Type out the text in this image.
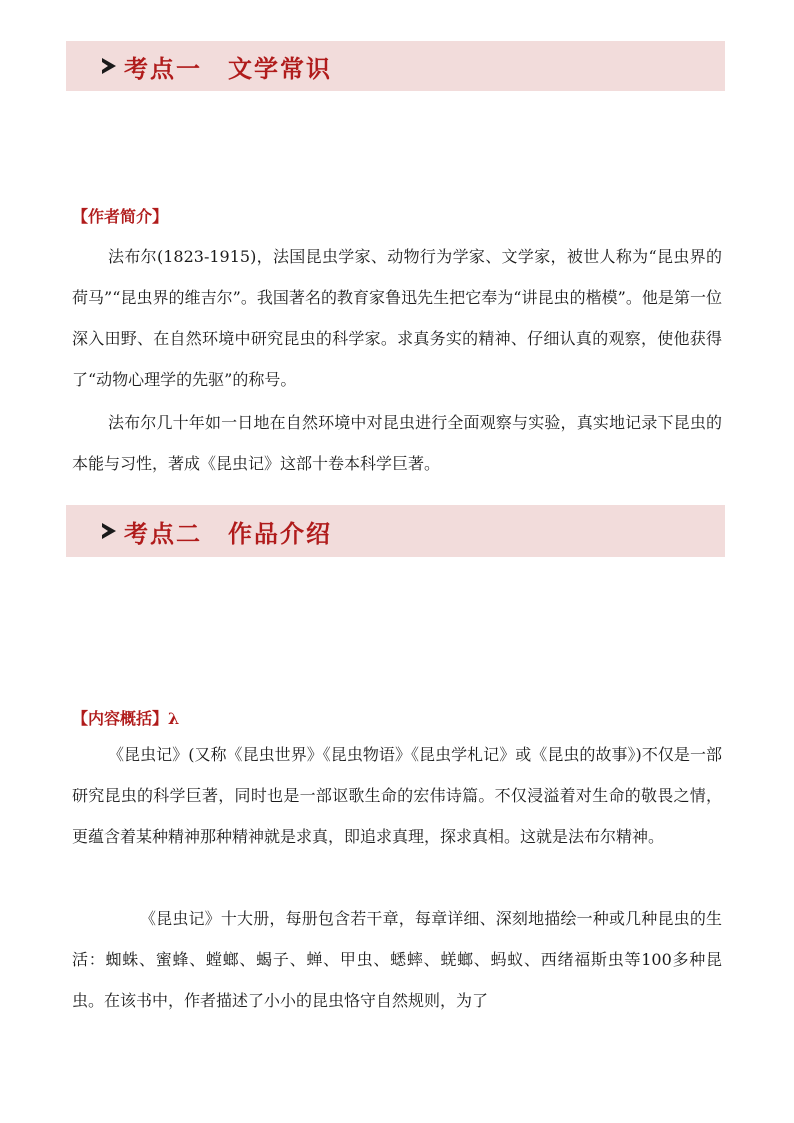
考点一　文学常识
【作者简介】

法布尔(1823-1915)，法国昆虫学家、动物行为学家、文学家，被世人称为“昆虫界的荷马”“昆虫界的维吉尔”。我国著名的教育家鲁迅先生把它奉为“讲昆虫的楷模”。他是第一位深入田野、在自然环境中研究昆虫的科学家。求真务实的精神、仔细认真的观察，使他获得了“动物心理学的先驱”的称号。

法布尔几十年如一日地在自然环境中对昆虫进行全面观察与实验，真实地记录下昆虫的本能与习性，著成《昆虫记》这部十卷本科学巨著。

考点二　作品介绍
【内容概括】λ

《昆虫记》(又称《昆虫世界》《昆虫物语》《昆虫学札记》或《昆虫的故事》)不仅是一部研究昆虫的科学巨著，同时也是一部讴歌生命的宏伟诗篇。不仅浸溢着对生命的敬畏之情，更蕴含着某种精神那种精神就是求真，即追求真理，探求真相。这就是法布尔精神。

《昆虫记》十大册，每册包含若干章，每章详细、深刻地描绘一种或几种昆虫的生活：蜘蛛、蜜蜂、螳螂、蝎子、蝉、甲虫、蟋蟀、蜣螂、蚂蚁、西绪福斯虫等100多种昆虫。在该书中，作者描述了小小的昆虫恪守自然规则，为了
